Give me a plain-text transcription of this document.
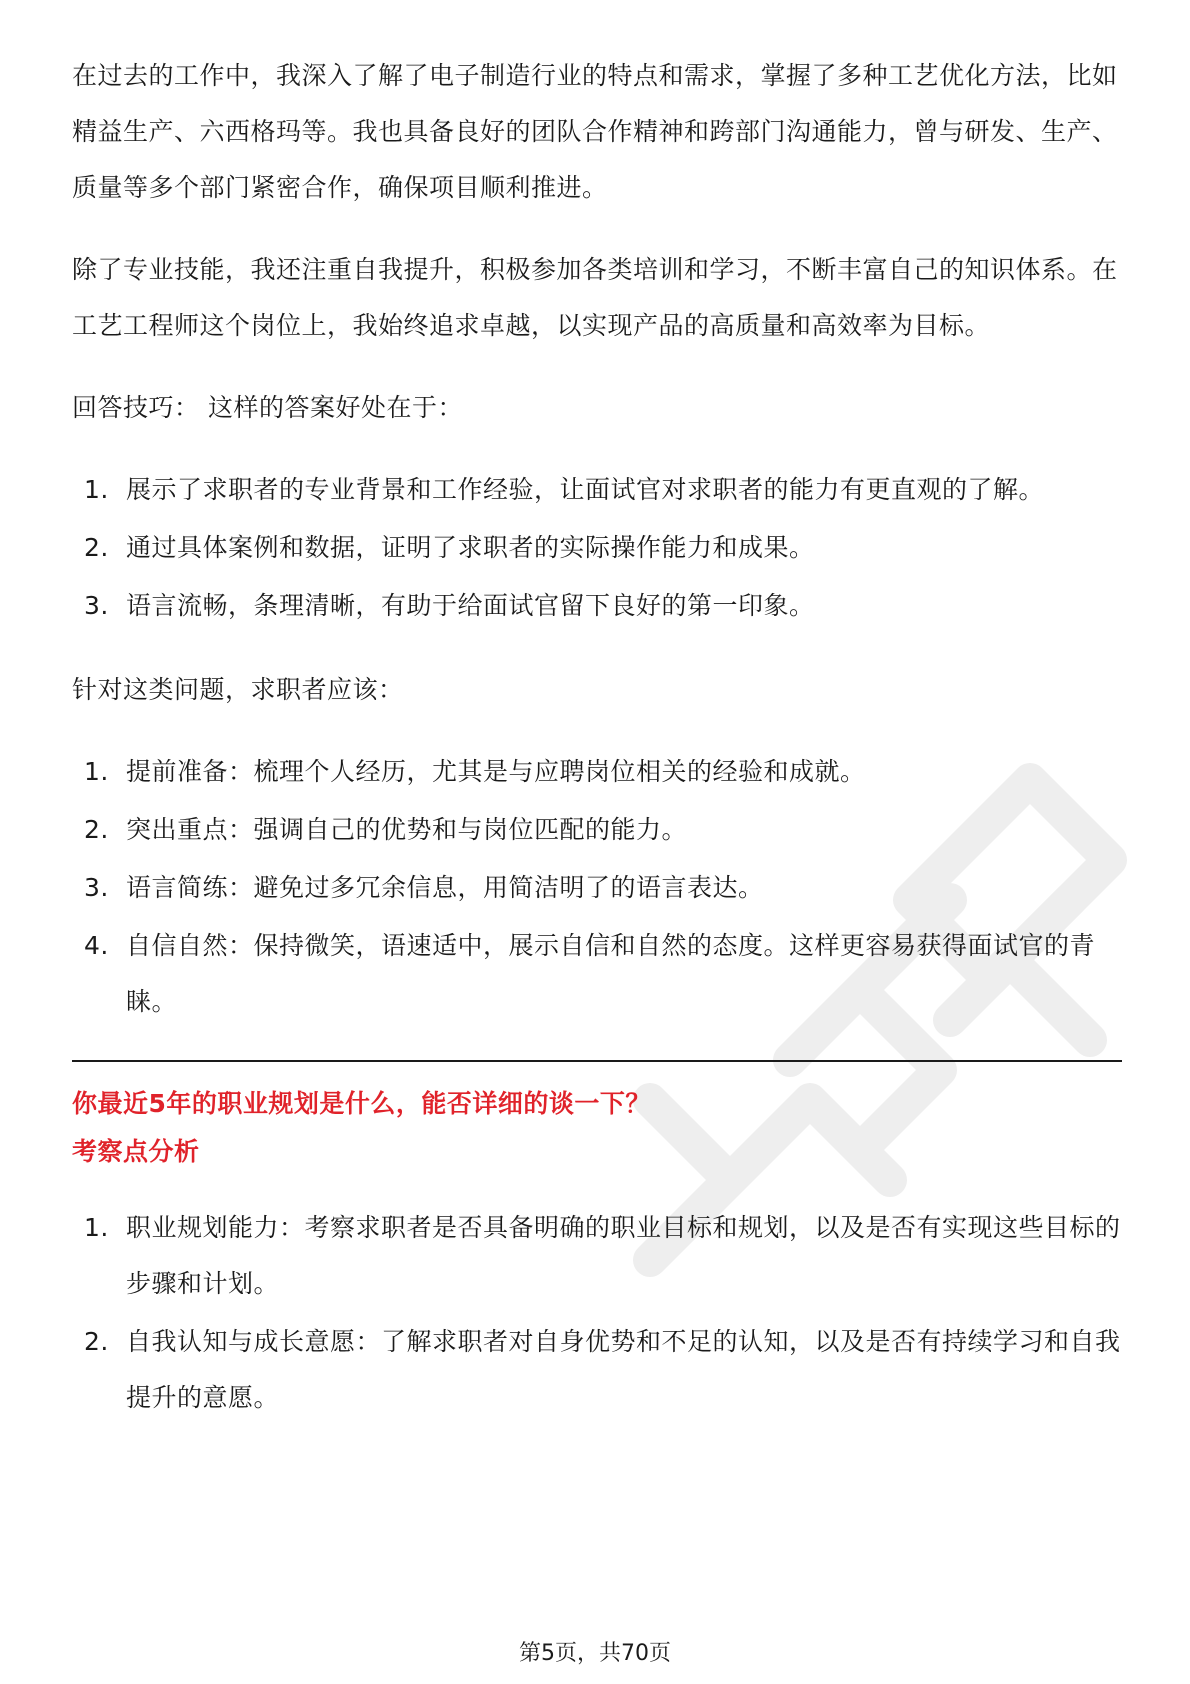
在过去的工作中，我深入了解了电子制造行业的特点和需求，掌握了多种工艺优化方法，比如精益生产、六西格玛等。我也具备良好的团队合作精神和跨部门沟通能力，曾与研发、生产、质量等多个部门紧密合作，确保项目顺利推进。

除了专业技能，我还注重自我提升，积极参加各类培训和学习，不断丰富自己的知识体系。在工艺工程师这个岗位上，我始终追求卓越，以实现产品的高质量和高效率为目标。

回答技巧： 这样的答案好处在于：

1. 展示了求职者的专业背景和工作经验，让面试官对求职者的能力有更直观的了解。
2. 通过具体案例和数据，证明了求职者的实际操作能力和成果。
3. 语言流畅，条理清晰，有助于给面试官留下良好的第一印象。

针对这类问题，求职者应该：

1. 提前准备：梳理个人经历，尤其是与应聘岗位相关的经验和成就。
2. 突出重点：强调自己的优势和与岗位匹配的能力。
3. 语言简练：避免过多冗余信息，用简洁明了的语言表达。
4. 自信自然：保持微笑，语速适中，展示自信和自然的态度。这样更容易获得面试官的青睐。

你最近5年的职业规划是什么，能否详细的谈一下？

考察点分析

1. 职业规划能力：考察求职者是否具备明确的职业目标和规划，以及是否有实现这些目标的步骤和计划。
2. 自我认知与成长意愿：了解求职者对自身优势和不足的认知，以及是否有持续学习和自我提升的意愿。
第5页，共70页
